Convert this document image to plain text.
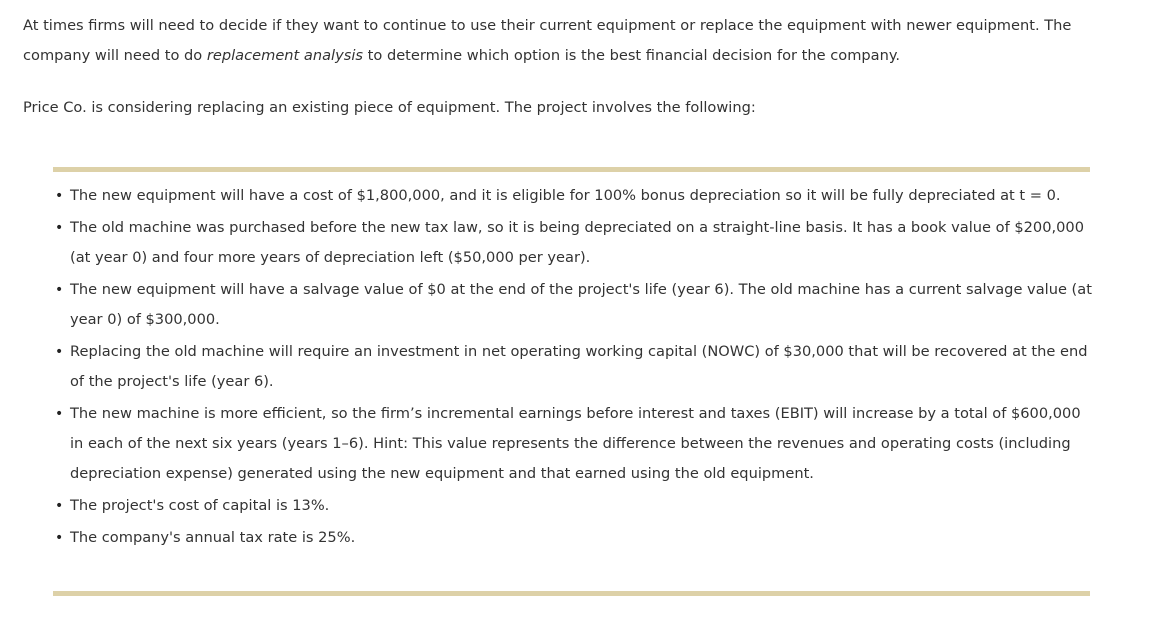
At times firms will need to decide if they want to continue to use their current equipment or replace the equipment with newer equipment. The company will need to do replacement analysis to determine which option is the best financial decision for the company.

Price Co. is considering replacing an existing piece of equipment. The project involves the following:

• The new equipment will have a cost of $1,800,000, and it is eligible for 100% bonus depreciation so it will be fully depreciated at t = 0.
• The old machine was purchased before the new tax law, so it is being depreciated on a straight-line basis. It has a book value of $200,000 (at year 0) and four more years of depreciation left ($50,000 per year).
• The new equipment will have a salvage value of $0 at the end of the project's life (year 6). The old machine has a current salvage value (at year 0) of $300,000.
• Replacing the old machine will require an investment in net operating working capital (NOWC) of $30,000 that will be recovered at the end of the project's life (year 6).
• The new machine is more efficient, so the firm’s incremental earnings before interest and taxes (EBIT) will increase by a total of $600,000 in each of the next six years (years 1–6). Hint: This value represents the difference between the revenues and operating costs (including depreciation expense) generated using the new equipment and that earned using the old equipment.
• The project's cost of capital is 13%.
• The company's annual tax rate is 25%.
